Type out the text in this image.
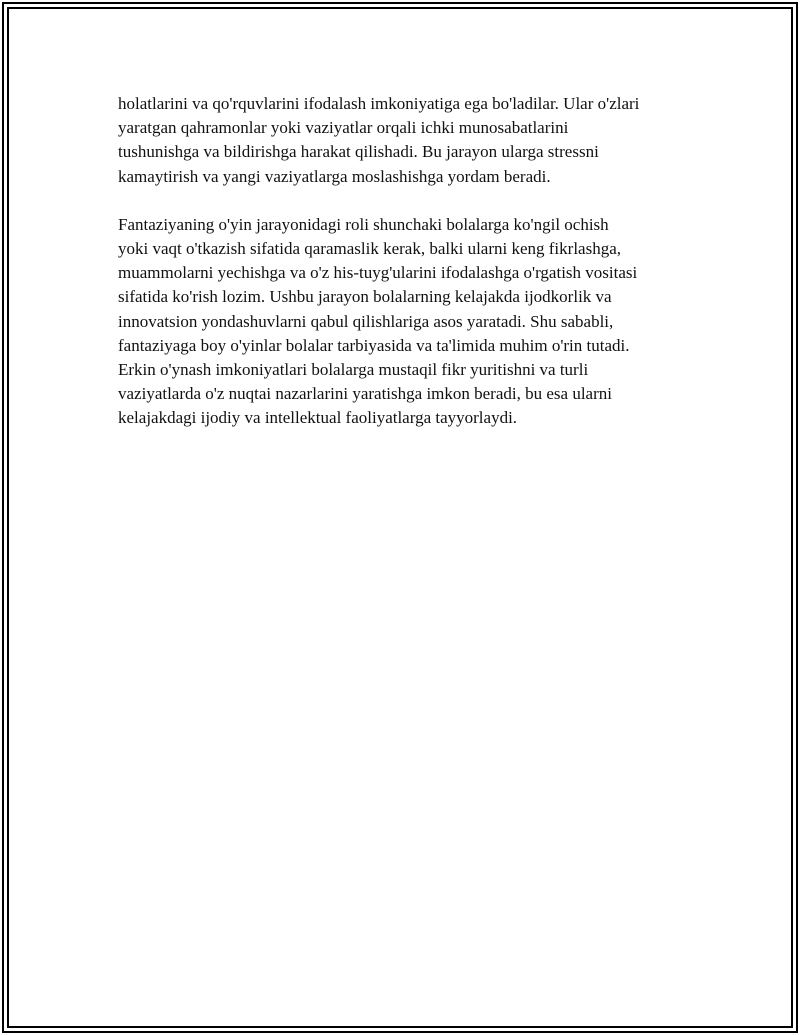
holatlarini va qo'rquvlarini ifodalash imkoniyatiga ega bo'ladilar. Ular o'zlari
yaratgan qahramonlar yoki vaziyatlar orqali ichki munosabatlarini
tushunishga va bildirishga harakat qilishadi. Bu jarayon ularga stressni
kamaytirish va yangi vaziyatlarga moslashishga yordam beradi.

Fantaziyaning o'yin jarayonidagi roli shunchaki bolalarga ko'ngil ochish
yoki vaqt o'tkazish sifatida qaramaslik kerak, balki ularni keng fikrlashga,
muammolarni yechishga va o'z his-tuyg'ularini ifodalashga o'rgatish vositasi
sifatida ko'rish lozim. Ushbu jarayon bolalarning kelajakda ijodkorlik va
innovatsion yondashuvlarni qabul qilishlariga asos yaratadi. Shu sababli,
fantaziyaga boy o'yinlar bolalar tarbiyasida va ta'limida muhim o'rin tutadi.
Erkin o'ynash imkoniyatlari bolalarga mustaqil fikr yuritishni va turli
vaziyatlarda o'z nuqtai nazarlarini yaratishga imkon beradi, bu esa ularni
kelajakdagi ijodiy va intellektual faoliyatlarga tayyorlaydi.
